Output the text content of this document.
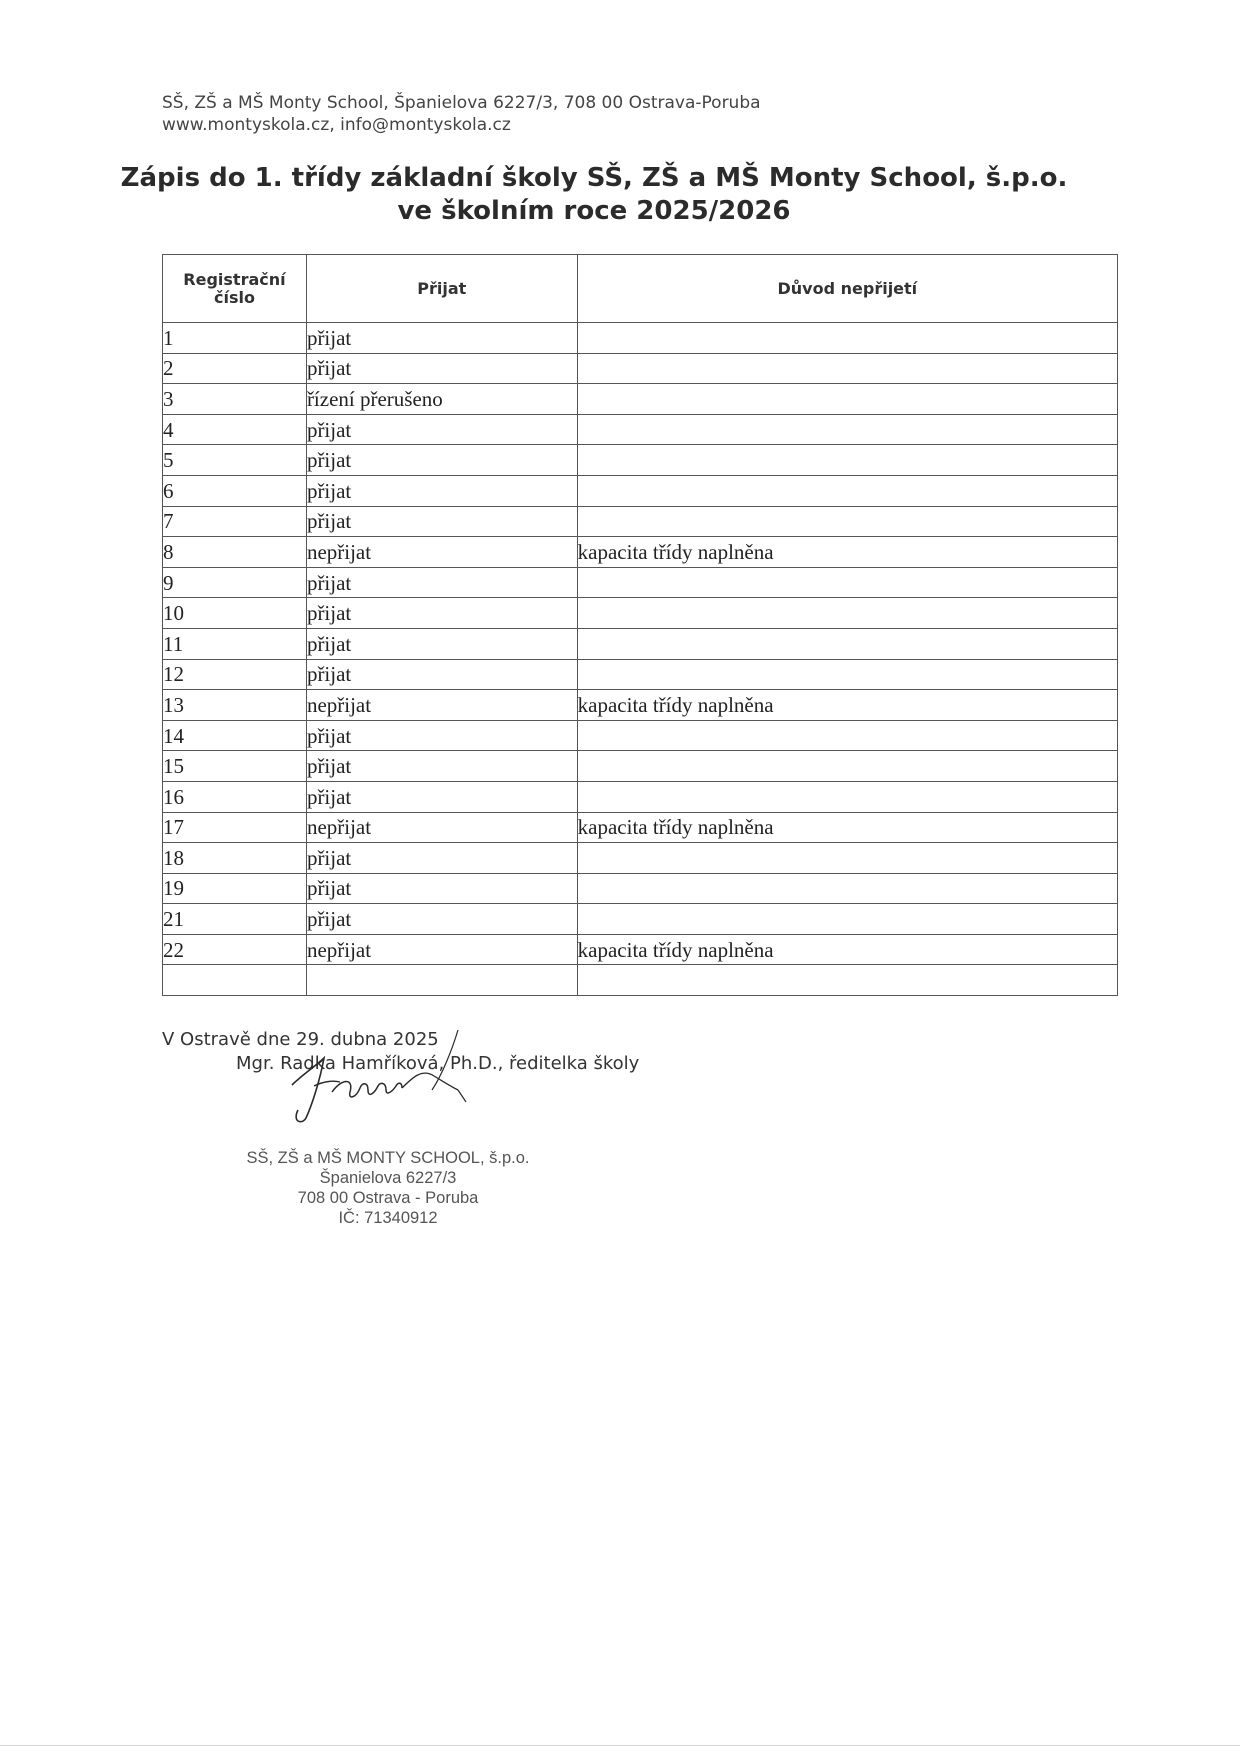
SŠ, ZŠ a MŠ Monty School, Španielova 6227/3, 708 00 Ostrava-Poruba
www.montyskola.cz, info@montyskola.cz
Zápis do 1. třídy základní školy SŠ, ZŠ a MŠ Monty School, š.p.o.
ve školním roce 2025/2026
Registrační číslo	Přijat	Důvod nepřijetí
1	přijat	
2	přijat	
3	řízení přerušeno	
4	přijat	
5	přijat	
6	přijat	
7	přijat	
8	nepřijat	kapacita třídy naplněna
9	přijat	
10	přijat	
11	přijat	
12	přijat	
13	nepřijat	kapacita třídy naplněna
14	přijat	
15	přijat	
16	přijat	
17	nepřijat	kapacita třídy naplněna
18	přijat	
19	přijat	
21	přijat	
22	nepřijat	kapacita třídy naplněna

V Ostravě dne 29. dubna 2025
Mgr. Radka Hamříková, Ph.D., ředitelka školy
SŠ, ZŠ a MŠ MONTY SCHOOL, š.p.o.
Španielova 6227/3
708 00 Ostrava - Poruba
IČ: 71340912
